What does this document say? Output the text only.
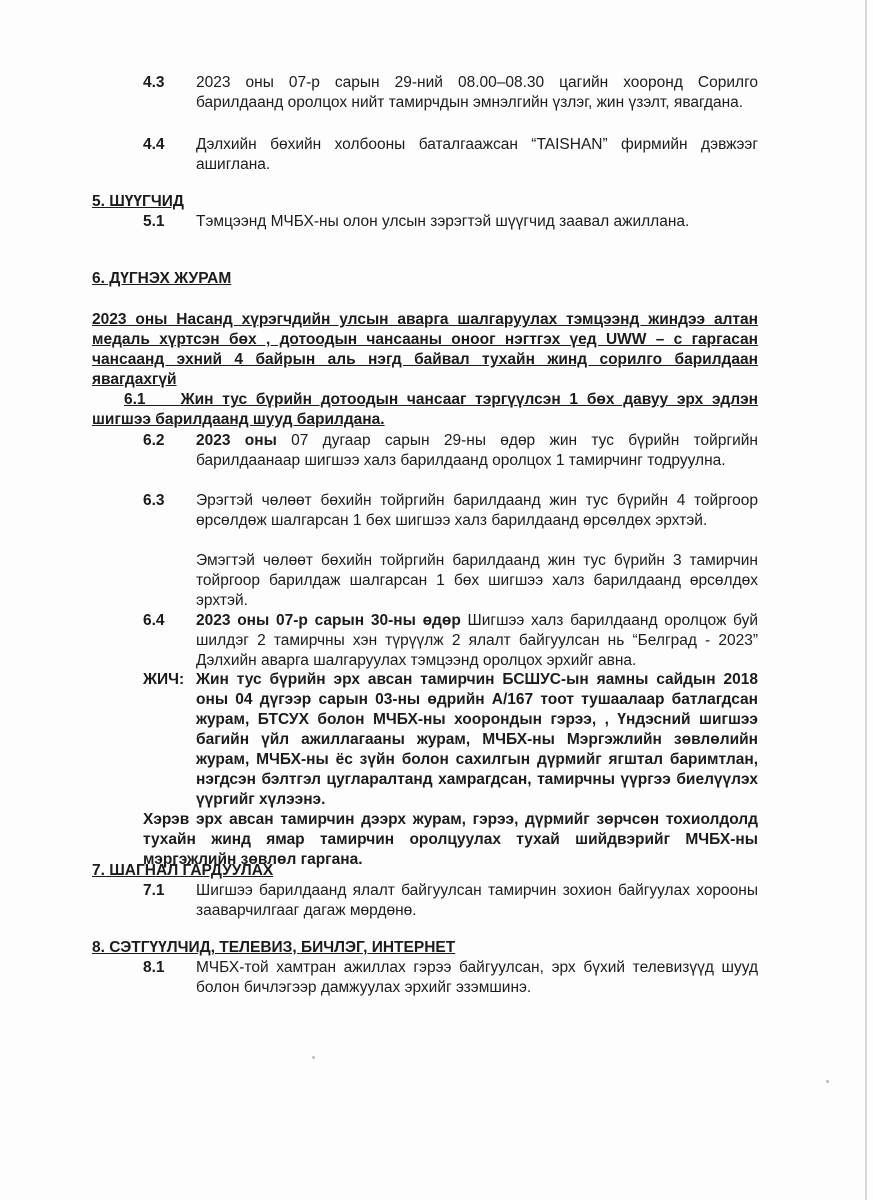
4.3 2023 оны 07-р сарын 29-ний 08.00–08.30 цагийн хооронд Сорилго барилдаанд оролцох нийт тамирчдын эмнэлгийн үзлэг, жин үзэлт, явагдана.
4.4 Дэлхийн бөхийн холбооны баталгаажсан “TAISHAN” фирмийн дэвжээг ашиглана.
5. ШҮҮГЧИД
5.1 Тэмцээнд МЧБХ-ны олон улсын зэрэгтэй шүүгчид заавал ажиллана.
6. ДҮГНЭХ ЖУРАМ
2023 оны Насанд хүрэгчдийн улсын аварга шалгаруулах тэмцээнд жиндээ алтан медаль хүртсэн бөх , дотоодын чансааны оноог нэгтгэх үед UWW – с гаргасан чансаанд эхний 4 байрын аль нэгд байвал тухайн жинд сорилго барилдаан явагдахгүй
6.1 Жин тус бүрийн дотоодын чансааг тэргүүлсэн 1 бөх давуу эрх эдлэн шигшээ барилдаанд шууд барилдана.
6.2 2023 оны 07 дугаар сарын 29-ны өдөр жин тус бүрийн тойргийн барилдаанаар шигшээ халз барилдаанд оролцох 1 тамирчинг тодруулна.
6.3 Эрэгтэй чөлөөт бөхийн тойргийн барилдаанд жин тус бүрийн 4 тойргоор өрсөлдөж шалгарсан 1 бөх шигшээ халз барилдаанд өрсөлдөх эрхтэй.
Эмэгтэй чөлөөт бөхийн тойргийн барилдаанд жин тус бүрийн 3 тамирчин тойргоор барилдаж шалгарсан 1 бөх шигшээ халз барилдаанд өрсөлдөх эрхтэй.
6.4 2023 оны 07-р сарын 30-ны өдөр Шигшээ халз барилдаанд оролцож буй шилдэг 2 тамирчны хэн түрүүлж 2 ялалт байгуулсан нь “Белград - 2023” Дэлхийн аварга шалгаруулах тэмцээнд оролцох эрхийг авна.
ЖИЧ: Жин тус бүрийн эрх авсан тамирчин БСШУС-ын яамны сайдын 2018 оны 04 дүгээр сарын 03-ны өдрийн А/167 тоот тушаалаар батлагдсан журам, БТСУХ болон МЧБХ-ны хоорондын гэрээ, , Үндэсний шигшээ багийн үйл ажиллагааны журам, МЧБХ-ны Мэргэжлийн зөвлөлийн журам, МЧБХ-ны ёс зүйн болон сахилгын дүрмийг ягштал баримтлан, нэгдсэн бэлтгэл цугларалтанд хамрагдсан, тамирчны үүргээ биелүүлэх үүргийг хүлээнэ.
Хэрэв эрх авсан тамирчин дээрх журам, гэрээ, дүрмийг зөрчсөн тохиолдолд тухайн жинд ямар тамирчин оролцуулах тухай шийдвэрийг МЧБХ-ны мэргэжлийн зөвлөл гаргана.
7. ШАГНАЛ ГАРДУУЛАХ
7.1 Шигшээ барилдаанд ялалт байгуулсан тамирчин зохион байгуулах хорооны зааварчилгааг дагаж мөрдөнө.
8. СЭТГҮҮЛЧИД, ТЕЛЕВИЗ, БИЧЛЭГ, ИНТЕРНЕТ
8.1 МЧБХ-той хамтран ажиллах гэрээ байгуулсан, эрх бүхий телевизүүд шууд болон бичлэгээр дамжуулах эрхийг эзэмшинэ.
